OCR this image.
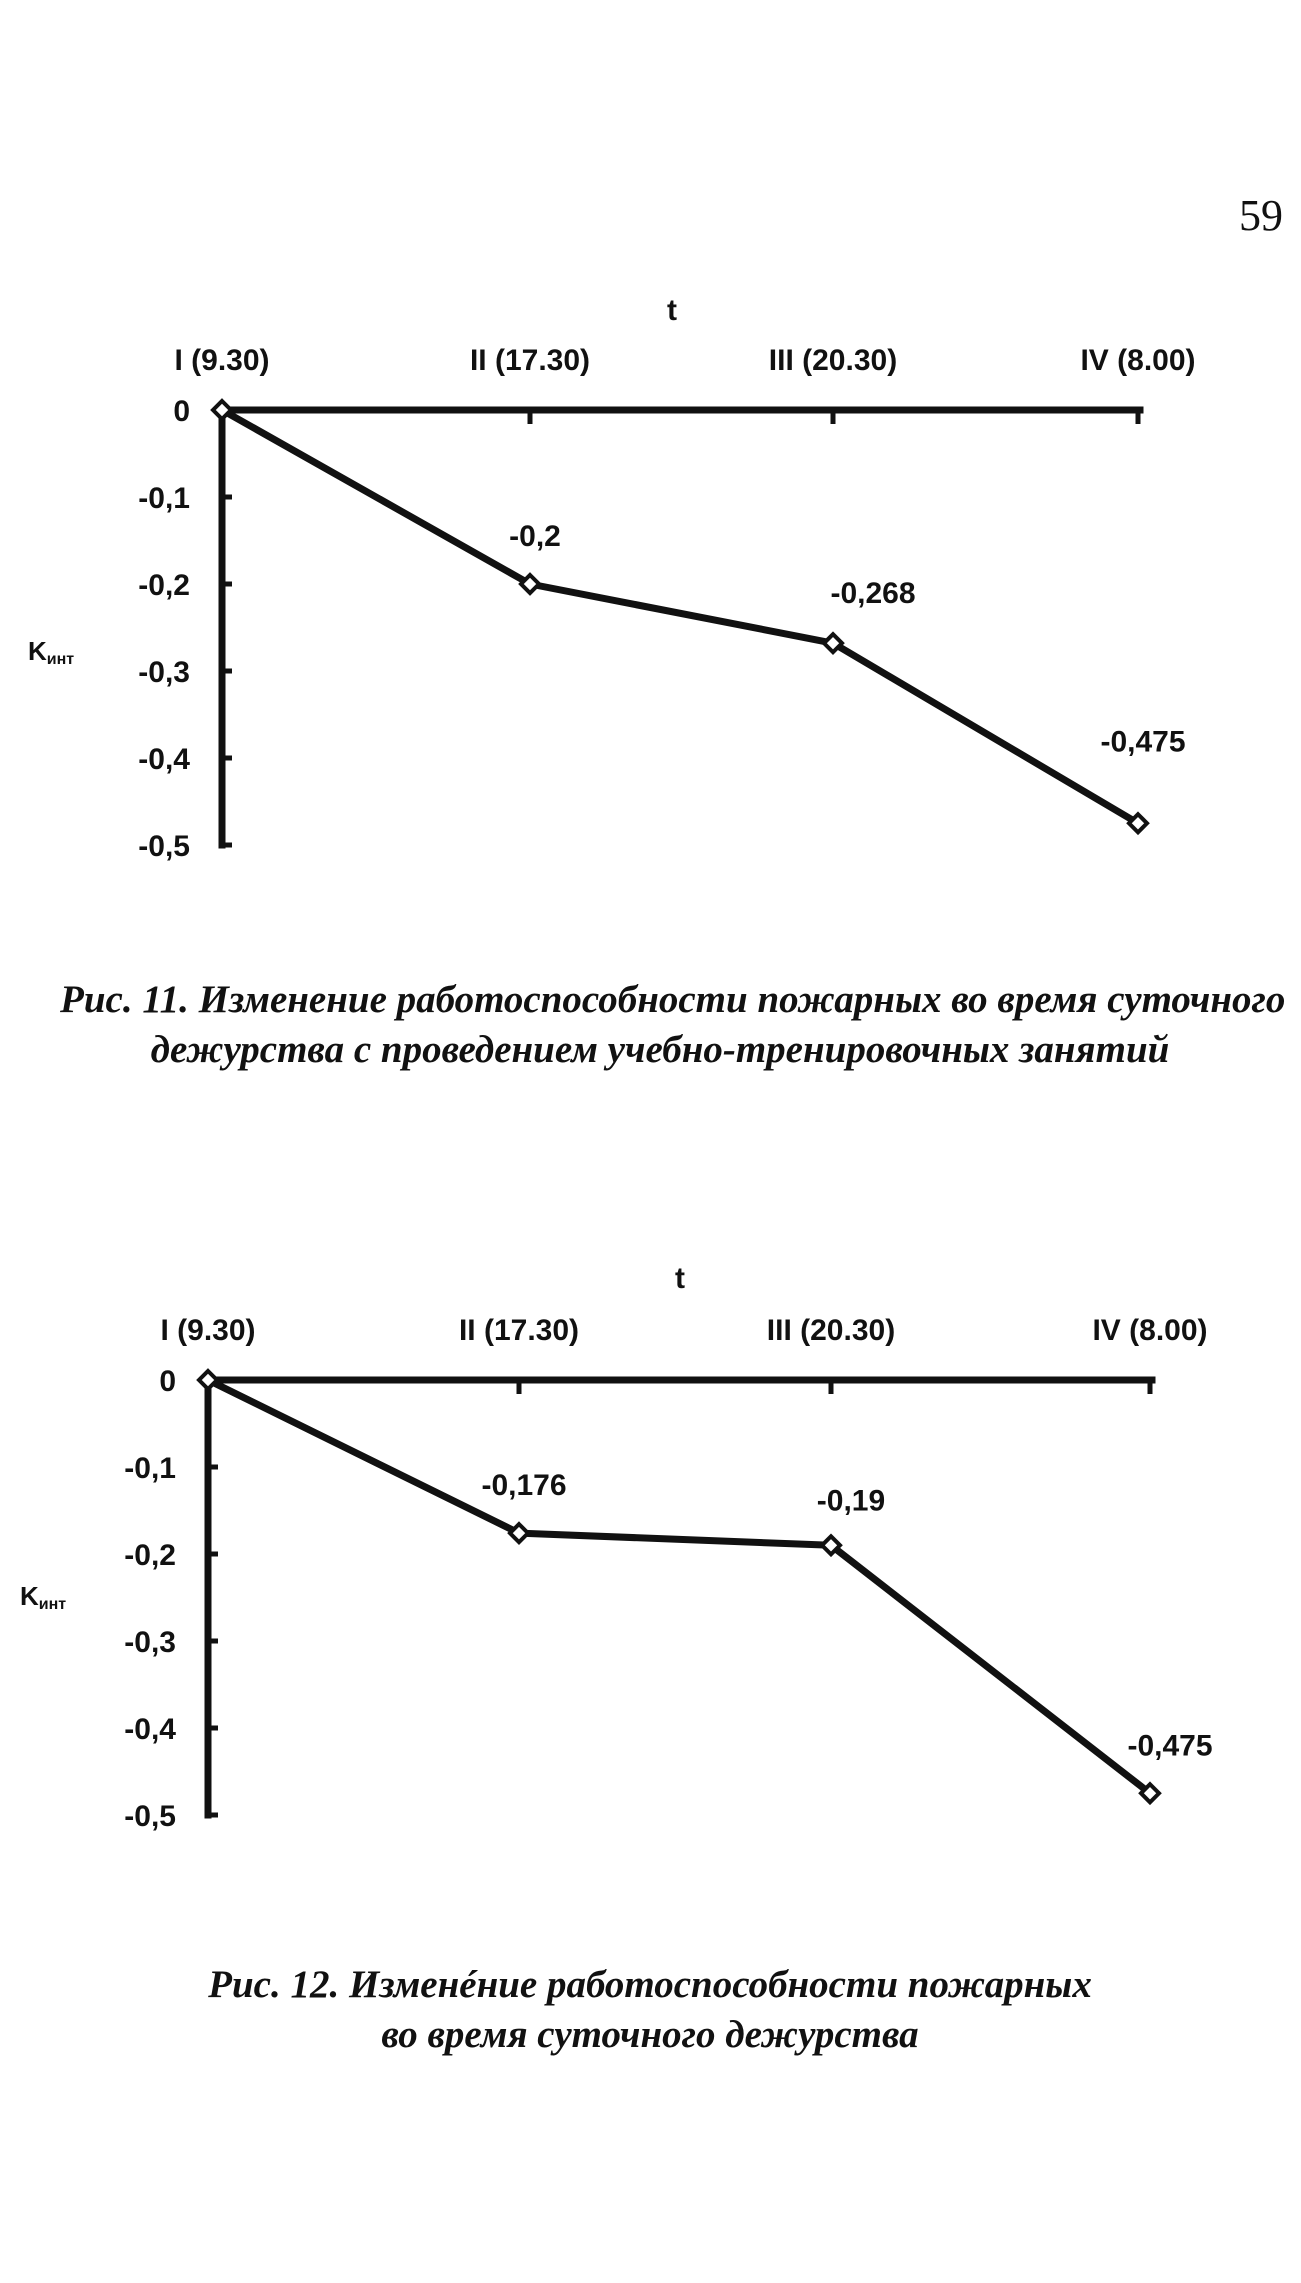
59
0
-0,1
-0,2
-0,3
-0,4
-0,5
I (9.30)	II (17.30)	III (20.30)	IV (8.00)
t
Kинт
-0,2
-0,268
-0,475
Рис. 11. Изменение работоспособности пожарных во время суточного
дежурства с проведением учебно-тренировочных занятий
0
-0,1
-0,2
-0,3
-0,4
-0,5
I (9.30)	II (17.30)	III (20.30)	IV (8.00)
t
Kинт
-0,176	-0,19
-0,475
Рис. 12. Изменéние работоспособности пожарных
во время суточного дежурства
